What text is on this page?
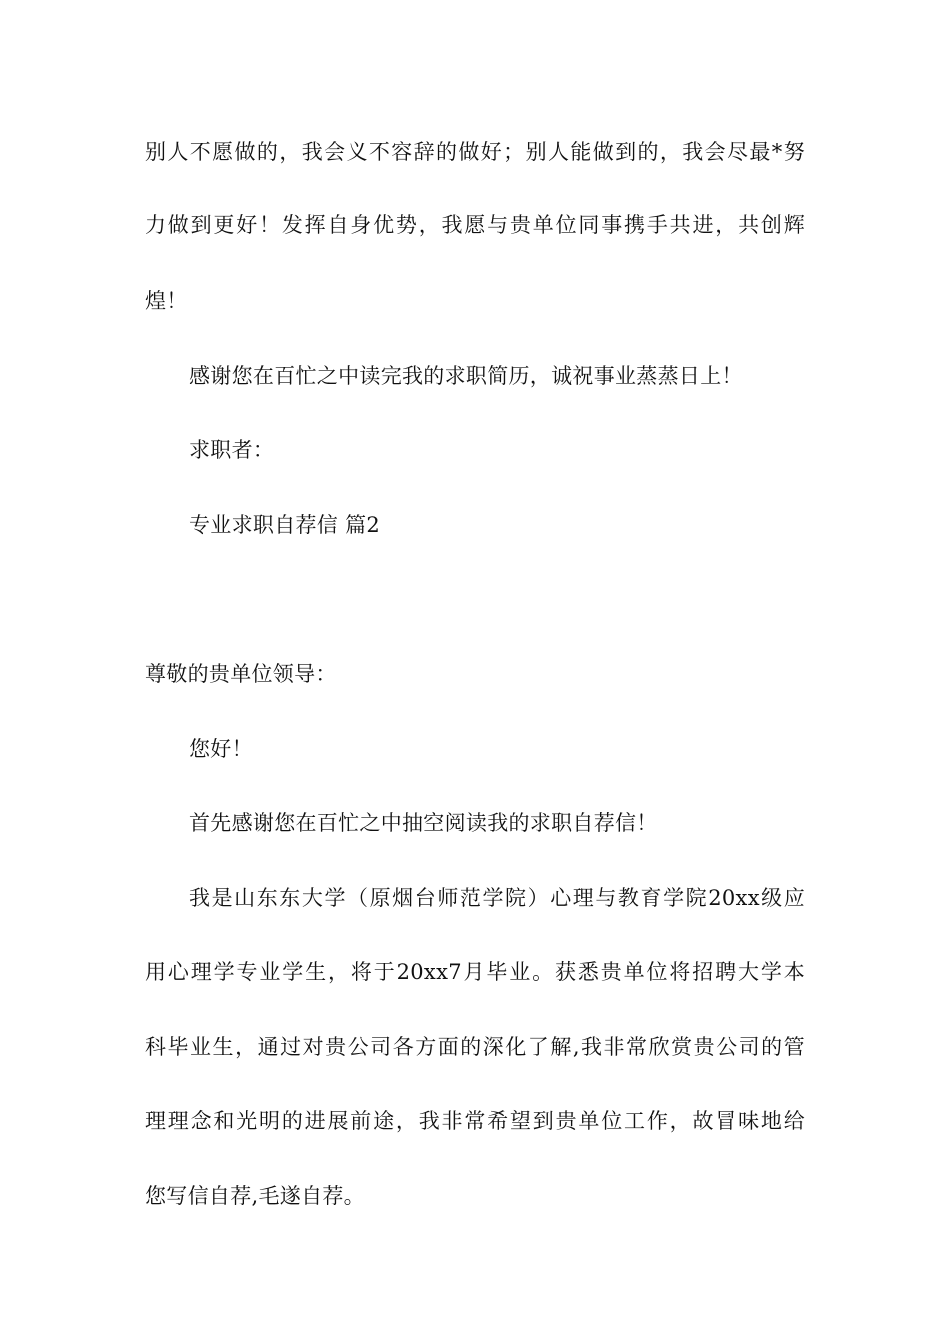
别人不愿做的，我会义不容辞的做好；别人能做到的，我会尽最*努
力做到更好！发挥自身优势，我愿与贵单位同事携手共进，共创辉
煌！
感谢您在百忙之中读完我的求职简历，诚祝事业蒸蒸日上！
求职者：
专业求职自荐信 篇2
尊敬的贵单位领导：
您好！
首先感谢您在百忙之中抽空阅读我的求职自荐信！
我是山东东大学（原烟台师范学院）心理与教育学院20xx级应
用心理学专业学生，将于20xx7月毕业。获悉贵单位将招聘大学本
科毕业生，通过对贵公司各方面的深化了解,我非常欣赏贵公司的管
理理念和光明的进展前途，我非常希望到贵单位工作，故冒味地给
您写信自荐,毛遂自荐。
